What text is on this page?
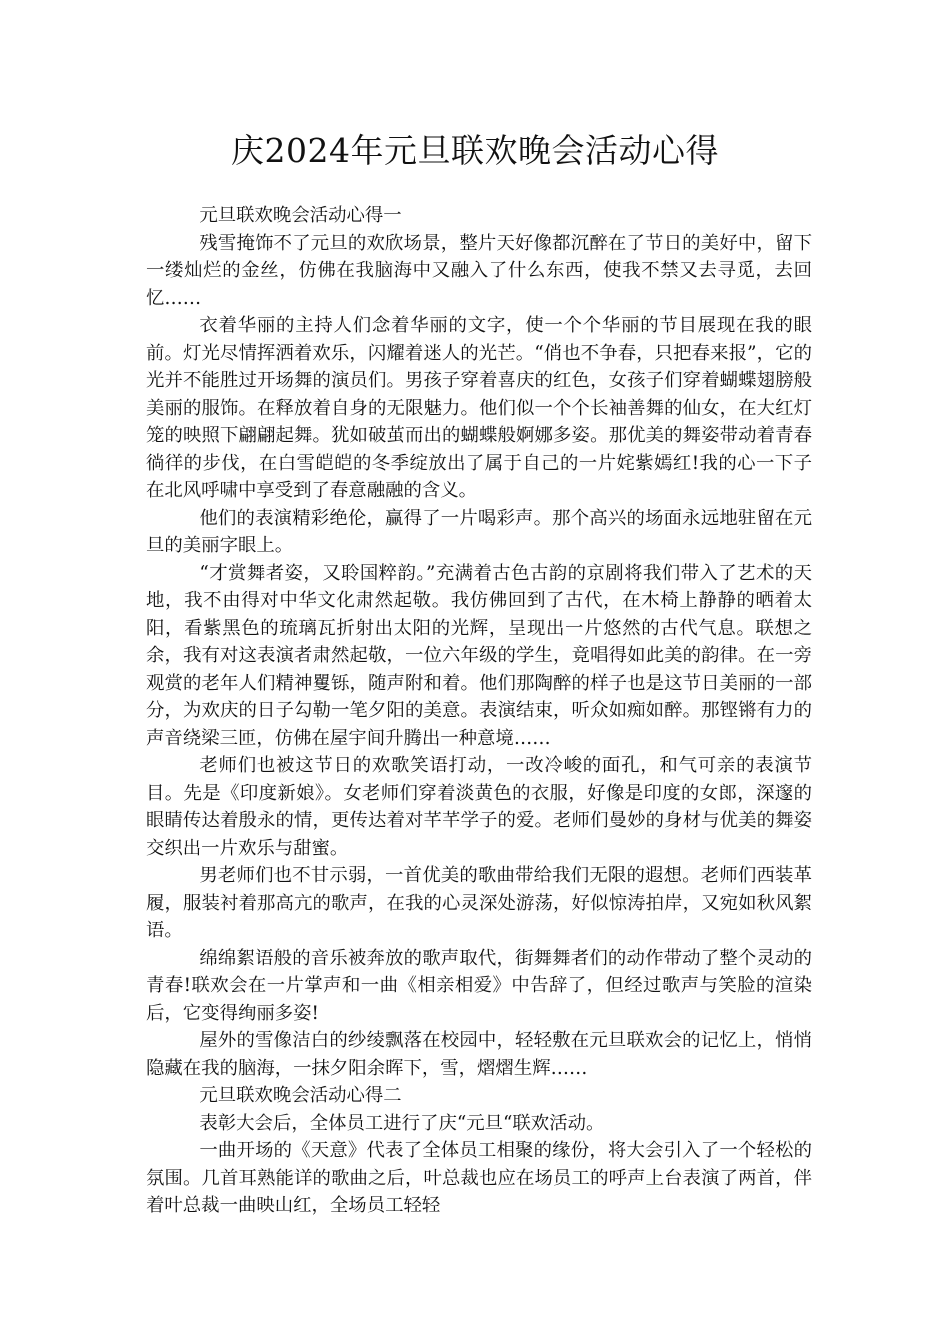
庆2024年元旦联欢晚会活动心得

元旦联欢晚会活动心得一

残雪掩饰不了元旦的欢欣场景，整片天好像都沉醉在了节日的美好中，留下一缕灿烂的金丝，仿佛在我脑海中又融入了什么东西，使我不禁又去寻觅，去回忆……

衣着华丽的主持人们念着华丽的文字，使一个个华丽的节目展现在我的眼前。灯光尽情挥洒着欢乐，闪耀着迷人的光芒。“俏也不争春，只把春来报”，它的光并不能胜过开场舞的演员们。男孩子穿着喜庆的红色，女孩子们穿着蝴蝶翅膀般美丽的服饰。在释放着自身的无限魅力。他们似一个个长袖善舞的仙女，在大红灯笼的映照下翩翩起舞。犹如破茧而出的蝴蝶般婀娜多姿。那优美的舞姿带动着青春徜徉的步伐，在白雪皑皑的冬季绽放出了属于自己的一片姹紫嫣红!我的心一下子在北风呼啸中享受到了春意融融的含义。

他们的表演精彩绝伦，赢得了一片喝彩声。那个高兴的场面永远地驻留在元旦的美丽字眼上。

“才赏舞者姿，又聆国粹韵。”充满着古色古韵的京剧将我们带入了艺术的天地，我不由得对中华文化肃然起敬。我仿佛回到了古代，在木椅上静静的晒着太阳，看紫黑色的琉璃瓦折射出太阳的光辉，呈现出一片悠然的古代气息。联想之余，我有对这表演者肃然起敬，一位六年级的学生，竟唱得如此美的韵律。在一旁观赏的老年人们精神矍铄，随声附和着。他们那陶醉的样子也是这节日美丽的一部分，为欢庆的日子勾勒一笔夕阳的美意。表演结束，听众如痴如醉。那铿锵有力的声音绕梁三匝，仿佛在屋宇间升腾出一种意境……

老师们也被这节日的欢歌笑语打动，一改冷峻的面孔，和气可亲的表演节目。先是《印度新娘》。女老师们穿着淡黄色的衣服，好像是印度的女郎，深邃的眼睛传达着殷永的情，更传达着对芊芊学子的爱。老师们曼妙的身材与优美的舞姿交织出一片欢乐与甜蜜。

男老师们也不甘示弱，一首优美的歌曲带给我们无限的遐想。老师们西装革履，服装衬着那高亢的歌声，在我的心灵深处游荡，好似惊涛拍岸，又宛如秋风絮语。

绵绵絮语般的音乐被奔放的歌声取代，街舞舞者们的动作带动了整个灵动的青春!联欢会在一片掌声和一曲《相亲相爱》中告辞了，但经过歌声与笑脸的渲染后，它变得绚丽多姿!

屋外的雪像洁白的纱绫飘落在校园中，轻轻敷在元旦联欢会的记忆上，悄悄隐藏在我的脑海，一抹夕阳余晖下，雪，熠熠生辉……

元旦联欢晚会活动心得二

表彰大会后，全体员工进行了庆“元旦“联欢活动。

一曲开场的《天意》代表了全体员工相聚的缘份，将大会引入了一个轻松的氛围。几首耳熟能详的歌曲之后，叶总裁也应在场员工的呼声上台表演了两首，伴着叶总裁一曲映山红，全场员工轻轻
